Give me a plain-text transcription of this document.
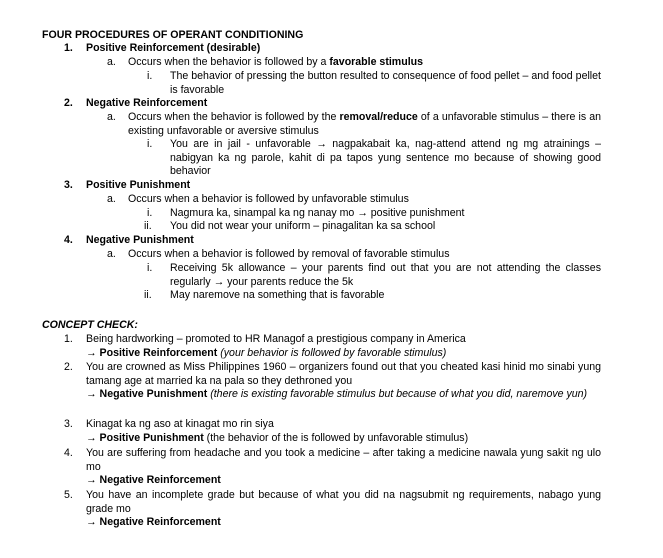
FOUR PROCEDURES OF OPERANT CONDITIONING
1. Positive Reinforcement (desirable)
a. Occurs when the behavior is followed by a favorable stimulus
i. The behavior of pressing the button resulted to consequence of food pellet – and food pellet is favorable
2. Negative Reinforcement
a. Occurs when the behavior is followed by the removal/reduce of a unfavorable stimulus – there is an existing unfavorable or aversive stimulus
i. You are in jail - unfavorable → nagpakabait ka, nag-attend attend ng mg atrainings – nabigyan ka ng parole, kahit di pa tapos yung sentence mo because of showing good behavior
3. Positive Punishment
a. Occurs when a behavior is followed by unfavorable stimulus
i. Nagmura ka, sinampal ka ng nanay mo → positive punishment
ii. You did not wear your uniform – pinagalitan ka sa school
4. Negative Punishment
a. Occurs when a behavior is followed by removal of favorable stimulus
i. Receiving 5k allowance – your parents find out that you are not attending the classes regularly → your parents reduce the 5k
ii. May naremove na something that is favorable
CONCEPT CHECK:
1. Being hardworking – promoted to HR Managof a prestigious company in America
→ Positive Reinforcement (your behavior is followed by favorable stimulus)
2. You are crowned as Miss Philippines 1960 – organizers found out that you cheated kasi hinid mo sinabi yung tamang age at married ka na pala so they dethroned you
→ Negative Punishment (there is existing favorable stimulus but because of what you did, naremove yun)
3. Kinagat ka ng aso at kinagat mo rin siya
→ Positive Punishment (the behavior of the is followed by unfavorable stimulus)
4. You are suffering from headache and you took a medicine – after taking a medicine nawala yung sakit ng ulo mo
→ Negative Reinforcement
5. You have an incomplete grade but because of what you did na nagsubmit ng requirements, nabago yung grade mo
→ Negative Reinforcement
